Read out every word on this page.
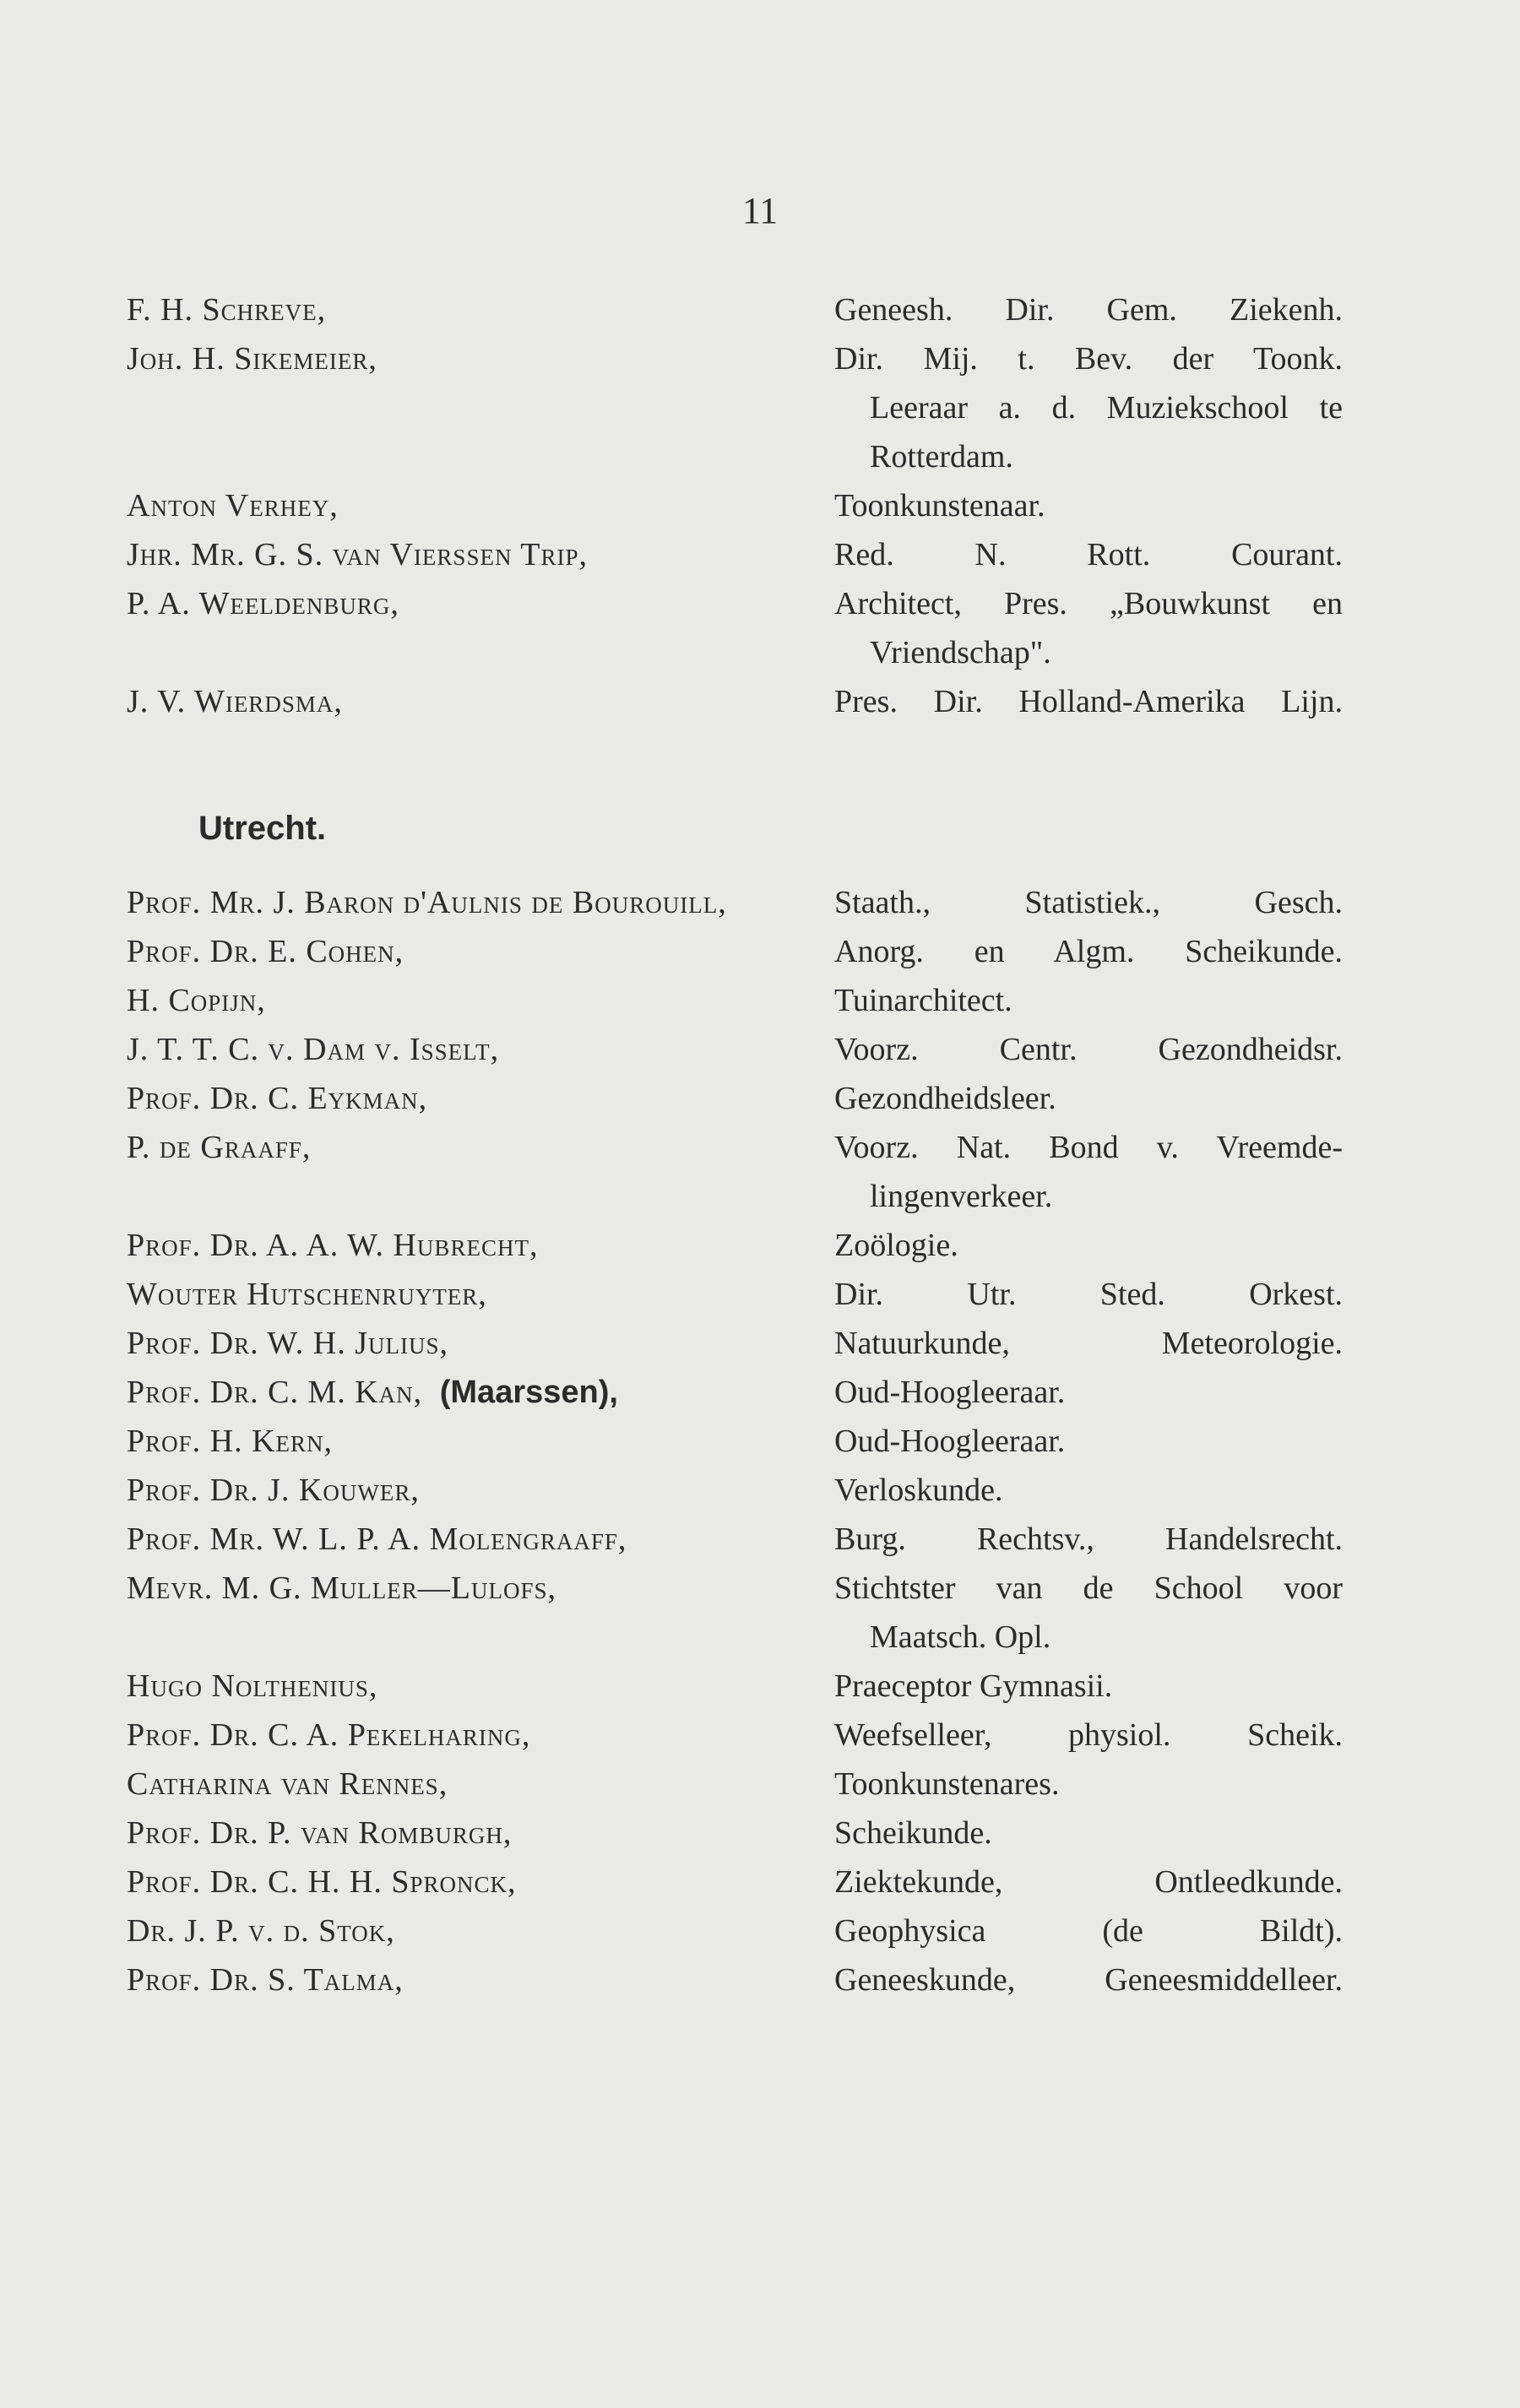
11
F. H. Schreve,	Geneesh. Dir. Gem. Ziekenh.
Joh. H. Sikemeier,	Dir. Mij. t. Bev. der Toonk.
Leeraar a. d. Muziekschool te
Rotterdam.
Anton Verhey,	Toonkunstenaar.
Jhr. Mr. G. S. van Vierssen Trip,	Red. N. Rott. Courant.
P. A. Weeldenburg,	Architect, Pres. „Bouwkunst en
Vriendschap".
J. V. Wierdsma,	Pres. Dir. Holland-Amerika Lijn.
Utrecht.
Prof. Mr. J. Baron d'Aulnis de Bourouill,	Staath., Statistiek., Gesch.
Prof. Dr. E. Cohen,	Anorg. en Algm. Scheikunde.
H. Copijn,	Tuinarchitect.
J. T. T. C. v. Dam v. Isselt,	Voorz. Centr. Gezondheidsr.
Prof. Dr. C. Eykman,	Gezondheidsleer.
P. de Graaff,	Voorz. Nat. Bond v. Vreemde-
lingenverkeer.
Prof. Dr. A. A. W. Hubrecht,	Zoölogie.
Wouter Hutschenruyter,	Dir. Utr. Sted. Orkest.
Prof. Dr. W. H. Julius,	Natuurkunde, Meteorologie.
Prof. Dr. C. M. Kan, (Maarssen),	Oud-Hoogleeraar.
Prof. H. Kern,	Oud-Hoogleeraar.
Prof. Dr. J. Kouwer,	Verloskunde.
Prof. Mr. W. L. P. A. Molengraaff,	Burg. Rechtsv., Handelsrecht.
Mevr. M. G. Muller—Lulofs,	Stichtster van de School voor
Maatsch. Opl.
Hugo Nolthenius,	Praeceptor Gymnasii.
Prof. Dr. C. A. Pekelharing,	Weefselleer, physiol. Scheik.
Catharina van Rennes,	Toonkunstenares.
Prof. Dr. P. van Romburgh,	Scheikunde.
Prof. Dr. C. H. H. Spronck,	Ziektekunde, Ontleedkunde.
Dr. J. P. v. d. Stok,	Geophysica (de Bildt).
Prof. Dr. S. Talma,	Geneeskunde, Geneesmiddelleer.
